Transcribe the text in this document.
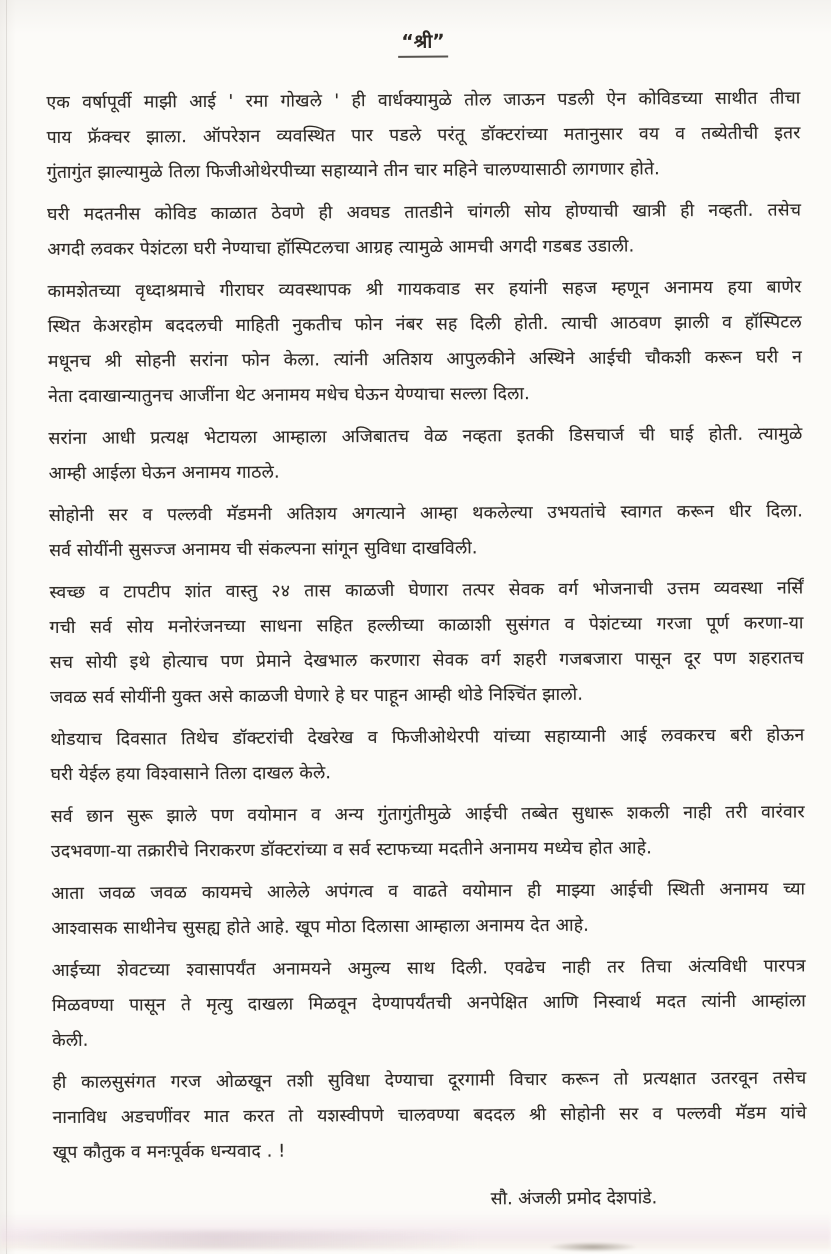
“श्री”

एक वर्षापूर्वी माझी आई ' रमा गोखले ' ही वार्धक्यामुळे तोल जाऊन पडली ऐन कोविडच्या साथीत तीचा
पाय फ्रॅक्चर झाला. ऑपरेशन व्यवस्थित पार पडले परंतू डॉक्टरांच्या मतानुसार वय व तब्येतीची इतर
गुंतागुंत झाल्यामुळे तिला फिजीओथेरपीच्या सहाय्याने तीन चार महिने चालण्यासाठी लागणार होते.

घरी मदतनीस कोविड काळात ठेवणे ही अवघड तातडीने चांगली सोय होण्याची खात्री ही नव्हती. तसेच
अगदी लवकर पेशंटला घरी नेण्याचा हॉस्पिटलचा आग्रह त्यामुळे आमची अगदी गडबड उडाली.

कामशेतच्या वृध्दाश्रमाचे गीराघर व्यवस्थापक श्री गायकवाड सर हयांनी सहज म्हणून अनामय हया बाणेर
स्थित केअरहोम बददलची माहिती नुकतीच फोन नंबर सह दिली होती. त्याची आठवण झाली व हॉस्पिटल
मधूनच श्री सोहनी सरांना फोन केला. त्यांनी अतिशय आपुलकीने अस्थिने आईची चौकशी करून घरी न
नेता दवाखान्यातुनच आजींना थेट अनामय मधेच घेऊन येण्याचा सल्ला दिला.

सरांना आधी प्रत्यक्ष भेटायला आम्हाला अजिबातच वेळ नव्हता इतकी डिसचार्ज ची घाई होती. त्यामुळे
आम्ही आईला घेऊन अनामय गाठले.

सोहोनी सर व पल्लवी मॅडमनी अतिशय अगत्याने आम्हा थकलेल्या उभयतांचे स्वागत करून धीर दिला.
सर्व सोयींनी सुसज्ज अनामय ची संकल्पना सांगून सुविधा दाखविली.

स्वच्छ व टापटीप शांत वास्तु २४ तास काळजी घेणारा तत्पर सेवक वर्ग भोजनाची उत्तम व्यवस्था नर्सिं
गची सर्व सोय मनोरंजनच्या साधना सहित हल्लीच्या काळाशी सुसंगत व पेशंटच्या गरजा पूर्ण करणा-या
सच सोयी इथे होत्याच पण प्रेमाने देखभाल करणारा सेवक वर्ग शहरी गजबजारा पासून दूर पण शहरातच
जवळ सर्व सोयींनी युक्त असे काळजी घेणारे हे घर पाहून आम्ही थोडे निश्चिंत झालो.

थोडयाच दिवसात तिथेच डॉक्टरांची देखरेख व फिजीओथेरपी यांच्या सहाय्यानी आई लवकरच बरी होऊन
घरी येईल हया विश्वासाने तिला दाखल केले.

सर्व छान सुरू झाले पण वयोमान व अन्य गुंतागुंतीमुळे आईची तब्बेत सुधारू शकली नाही तरी वारंवार
उदभवणा-या तक्रारीचे निराकरण डॉक्टरांच्या व सर्व स्टाफच्या मदतीने अनामय मध्येच होत आहे.

आता जवळ जवळ कायमचे आलेले अपंगत्व व वाढते वयोमान ही माझ्या आईची स्थिती अनामय च्या
आश्वासक साथीनेच सुसह्य होते आहे. खूप मोठा दिलासा आम्हाला अनामय देत आहे.

आईच्या शेवटच्या श्वासापर्यंत अनामयने अमुल्य साथ दिली. एवढेच नाही तर तिचा अंत्यविधी पारपत्र
मिळवण्या पासून ते मृत्यु दाखला मिळवून देण्यापर्यंतची अनपेक्षित आणि निस्वार्थ मदत त्यांनी आम्हांला
केली.

ही कालसुसंगत गरज ओळखून तशी सुविधा देण्याचा दूरगामी विचार करून तो प्रत्यक्षात उतरवून तसेच
नानाविध अडचणींवर मात करत तो यशस्वीपणे चालवण्या बददल श्री सोहोनी सर व पल्लवी मॅडम यांचे
खूप कौतुक व मनःपूर्वक धन्यवाद . !

सौ. अंजली प्रमोद देशपांडे.
